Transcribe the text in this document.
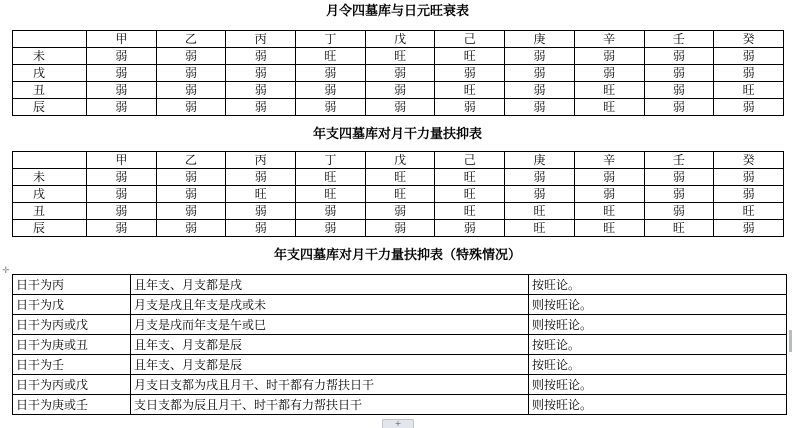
月令四墓库与日元旺衰表
	甲	乙	丙	丁	戊	己	庚	辛	壬	癸
未	弱	弱	弱	旺	旺	旺	弱	弱	弱	弱
戌	弱	弱	弱	弱	弱	弱	弱	弱	弱	弱
丑	弱	弱	弱	弱	弱	旺	弱	旺	弱	旺
辰	弱	弱	弱	弱	弱	弱	弱	旺	弱	弱
年支四墓库对月干力量扶抑表
	甲	乙	丙	丁	戊	己	庚	辛	壬	癸
未	弱	弱	弱	旺	旺	旺	弱	弱	弱	弱
戌	弱	弱	旺	旺	旺	旺	弱	弱	弱	弱
丑	弱	弱	弱	弱	弱	旺	旺	旺	弱	旺
辰	弱	弱	弱	弱	弱	弱	旺	旺	旺	弱
年支四墓库对月干力量扶抑表（特殊情况）
✛
日干为丙	且年支、月支都是戌	按旺论。
日干为戊	月支是戌且年支是戌或未	则按旺论。
日干为丙或戊	月支是戌而年支是午或巳	则按旺论。
日干为庚或丑	且年支、月支都是辰	按旺论。
日干为壬	且年支、月支都是辰	按旺论。
日干为丙或戊	月支日支都为戌且月干、时干都有力帮扶日干	则按旺论。
日干为庚或壬	支日支都为辰且月干、时干都有力帮扶日干	则按旺论。
+
